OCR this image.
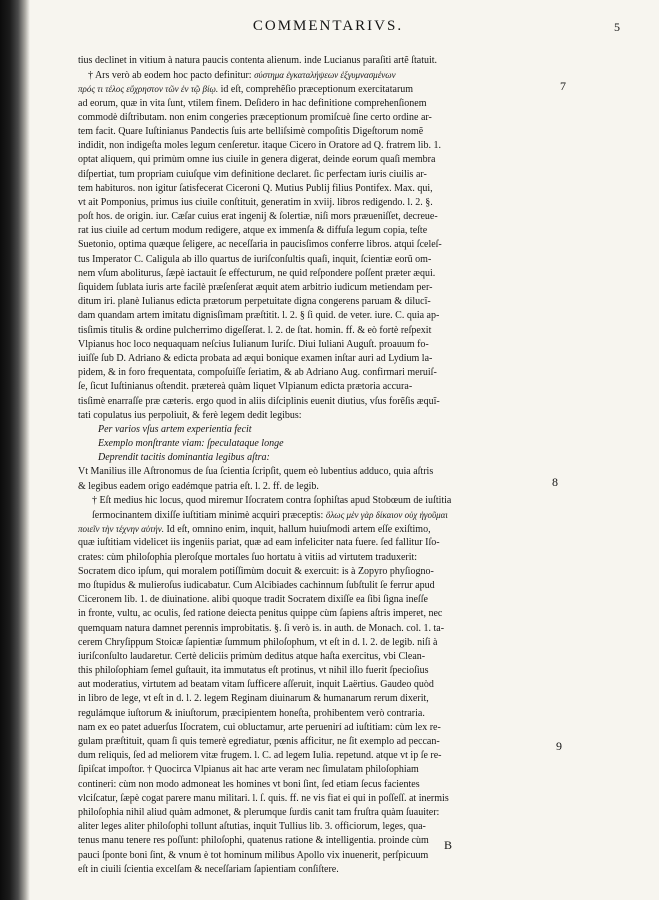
COMMENTARIVS.	5
tius declinet in vitium à natura paucis contenta alienum. inde Lucianus paraſiti artẽ ſtatuit.
† Ars verò ab eodem hoc pacto definitur: σύστημα ἐγκαταλήψεων ἐξγυμνασμένων
πρός τι τέλος εὔχρηστον τῶν ἐν τῷ βίῳ. id eſt, comprehẽſio præceptionum exercitatarum
ad eorum, quæ in vita ſunt, vtilem finem. Deſidero in hac definitione comprehenſionem
commodè diſtributam. non enim congeries præceptionum promiſcuè ſine certo ordine ar-
tem facit. Quare Iuſtinianus Pandectis ſuis arte belliſsimè compoſitis Digeſtorum nomẽ
indidit, non indigeſta moles legum cenſeretur. itaque Cicero in Oratore ad Q. fratrem lib. 1.
optat aliquem, qui primùm omne ius ciuile in genera digerat, deinde eorum quaſi membra
diſpertiat, tum propriam cuiuſque vim definitione declaret. ſic perfectam iuris ciuilis ar-
tem habituros. non igitur ſatisfecerat Ciceroni Q. Mutius Publij filius Pontifex. Max. qui,
vt ait Pomponius, primus ius ciuile conſtituit, generatim in xviij. libros redigendo. l. 2. §.
poſt hos. de origin. iur. Cæſar cuius erat ingenij & ſolertiæ, niſi mors præueniſſet, decreue-
rat ius ciuile ad certum modum redigere, atque ex immenſa & diffuſa legum copia, teſte
Suetonio, optima quæque ſeligere, ac neceſſaria in paucisſimos conferre libros. atqui ſceleſ-
tus Imperator C. Caligula ab illo quartus de iuriſconſultis quaſi, inquit, ſcientiæ eorũ om-
nem vſum aboliturus, ſæpè iactauit ſe effecturum, ne quid reſpondere poſſent præter æqui.
ſiquidem ſublata iuris arte facilè præſenſerat æquit atem arbitrio iudicum metiendam per-
ditum iri. planè Iulianus edicta prætorum perpetuitate digna congerens paruam & dilucĩ-
dam quandam artem imitatu dignisſimam præſtitit. l. 2. § ſi quid. de veter. iure. C. quia ap-
tisſimis titulis & ordine pulcherrimo digeſſerat. l. 2. de ſtat. homin. ff. & eò fortè reſpexit
Vlpianus hoc loco nequaquam neſcius Iulianum Iuriſc. Diui Iuliani Auguſt. proauum fo-
iuiſſe ſub D. Adriano & edicta probata ad æqui bonique examen inſtar auri ad Lydium la-
pidem, & in foro frequentata, compoſuiſſe ſeriatim, & ab Adriano Aug. confirmari meruiſ-
ſe, ſicut Iuſtinianus oſtendit. prætereà quàm liquet Vlpianum edicta prætoria accura-
tisſimè enarraſſe præ cæteris. ergo quod in aliis diſciplinis euenit diutius, vſus forẽſis æquĩ-
tati copulatus ius perpoliuit, & ferè legem dedit legibus:
Per varios vſus artem experientia fecit
Exemplo monſtrante viam: ſpeculataque longe
Deprendit tacitis dominantia legibus aſtra:
Vt Manilius ille Aſtronomus de ſua ſcientia ſcripſit, quem eò lubentius adduco, quia aſtris
& legibus eadem origo eadémque patria eſt. l. 2. ff. de legib.
† Eſt medius hic locus, quod miremur Iſocratem contra ſophiſtas apud Stobœum de iuſtitia
ſermocinantem dixiſſe iuſtitiam minimè acquiri præceptis: ὅλως μὲν γὰρ δίκαιον οὐχ ἡγοῦμαι
ποιεῖν τὴν τέχνην αὐτήν. Id eſt, omnino enim, inquit, hallum huiuſmodi artem eſſe exiſtimo,
quæ iuſtitiam videlicet iis ingeniis pariat, quæ ad eam infeliciter nata fuere. ſed fallitur Iſo-
crates: cùm philoſophia pleroſque mortales ſuo hortatu à vitiis ad virtutem traduxerit:
Socratem dico ipſum, qui moralem potiſſimùm docuit & exercuit: is à Zopyro phyſiogno-
mo ſtupidus & mulieroſus iudicabatur. Cum Alcibiades cachinnum ſubſtulit ſe ferrur apud
Ciceronem lib. 1. de diuinatione. alibi quoque tradit Socratem dixiſſe ea ſibi ſigna ineſſe
in fronte, vultu, ac oculis, ſed ratione deiecta penitus quippe cùm ſapiens aſtris imperet, nec
quemquam natura damnet perennis improbitatis. §. ſi verò is. in auth. de Monach. col. 1. ta-
cerem Chryſippum Stoicæ ſapientiæ ſummum philoſophum, vt eſt in d. l. 2. de legib. niſi à
iuriſconſulto laudaretur. Certè deliciis primùm deditus atque haſta exercitus, vbi Clean-
this philoſophiam ſemel guſtauit, ita immutatus eſt protinus, vt nihil illo fuerit ſpecioſius
aut moderatius, virtutem ad beatam vitam ſufficere aſſeruit, inquit Laërtius. Gaudeo quòd
in libro de lege, vt eſt in d. l. 2. legem Reginam diuinarum & humanarum rerum dixerit,
regulámque iuſtorum & iniuſtorum, præcipientem honeſta, prohibentem verò contraria.
nam ex eo patet aduerſus Iſocratem, cui obluctamur, arte peruenirí ad iuſtitiam: cùm lex re-
gulam præſtituit, quam ſi quis temerè egrediatur, pœnis afficitur, ne ſit exemplo ad peccan-
dum reliquis, ſed ad meliorem vitæ frugem. l. C. ad legem Iulia. repetund. atque vt ip ſe re-
ſipiſcat impoſtor. † Quocirca Vlpianus ait hac arte veram nec ſimulatam philoſophiam
contineri: cùm non modo admoneat les homines vt boni ſint, ſed etiam ſecus facientes
vlciſcatur, ſæpè cogat parere manu militari. l. ſ. quis. ff. ne vis fiat ei qui in poſſeſſ. at inermis
philoſophia nihil aliud quàm admonet, & plerumque ſurdis canit tam fruſtra quàm ſuauiter:
aliter leges aliter philoſophi tollunt aſtutias, inquit Tullius lib. 3. officiorum, leges, qua-
tenus manu tenere res poſſunt: philoſophi, quatenus ratione & intelligentia. proinde cùm
pauci ſponte boni ſint, & vnum è tot hominum milibus Apollo vix inuenerit, perſpicuum
eſt in ciuili ſcientia excelſam & neceſſariam ſapientiam conſiſtere.
7
8
9
B
